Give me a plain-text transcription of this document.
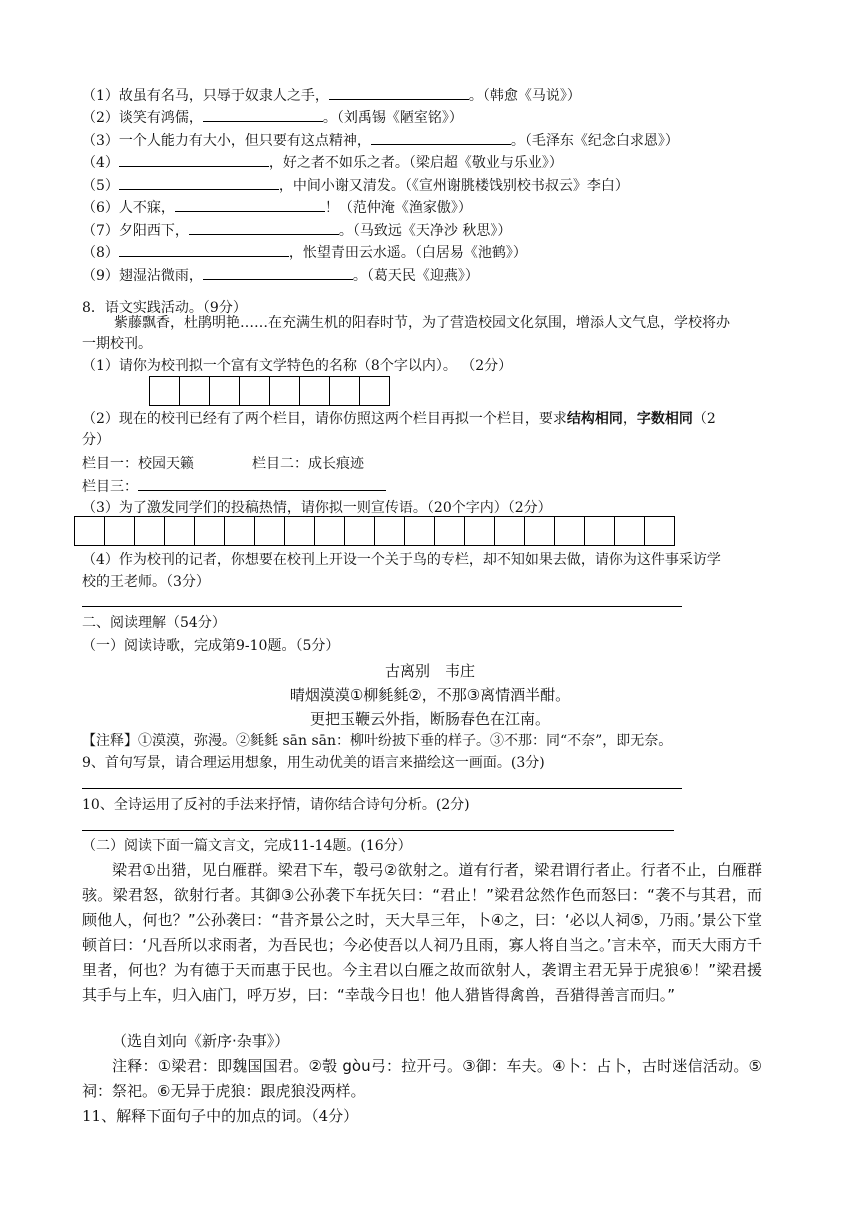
（1）故虽有名马，只辱于奴隶人之手，	。（韩愈《马说》）
（2）谈笑有鸿儒，	。（刘禹锡《陋室铭》）
（3）一个人能力有大小，但只要有这点精神，	。（毛泽东《纪念白求恩》）
（4）	，好之者不如乐之者。（梁启超《敬业与乐业》）
（5）	，中间小谢又清发。（《宣州谢朓楼饯别校书叔云》李白）
（6）人不寐，	！（范仲淹《渔家傲》）
（7）夕阳西下，	。（马致远《天净沙 秋思》）
（8）	，怅望青田云水遥。（白居易《池鹤》）
（9）翅湿沾微雨，	。（葛天民《迎燕》）
8．语文实践活动。（9分）
紫藤飘香，杜鹃明艳……在充满生机的阳春时节，为了营造校园文化氛围，增添人文气息，学校将办
一期校刊。
（1）请你为校刊拟一个富有文学特色的名称（8个字以内）。 （2分）
（2）现在的校刊已经有了两个栏目，请你仿照这两个栏目再拟一个栏目，要求结构相同，字数相同（2
分）
栏目一：校园天籁	栏目二：成长痕迹
栏目三：
（3）为了激发同学们的投稿热情，请你拟一则宣传语。（20个字内）（2分）
（4）作为校刊的记者，你想要在校刊上开设一个关于鸟的专栏，却不知如果去做，请你为这件事采访学
校的王老师。（3分）
二、阅读理解（54分）
（一）阅读诗歌，完成第9-10题。（5分）
古离别　韦庄
晴烟漠漠①柳毵毵②，不那③离情酒半酣。
更把玉鞭云外指，断肠春色在江南。
【注释】①漠漠，弥漫。②毵毵 sān sān：柳叶纷披下垂的样子。③不那：同“不奈”，即无奈。
9、首句写景，请合理运用想象，用生动优美的语言来描绘这一画面。(3分)
10、全诗运用了反衬的手法来抒情，请你结合诗句分析。(2分)
（二）阅读下面一篇文言文，完成11-14题。(16分）
梁君①出猎，见白雁群。梁君下车，彀弓②欲射之。道有行者，梁君谓行者止。行者不止，白雁群骇。梁君怒，欲射行者。其御③公孙袭下车抚矢曰：“君止！”梁君忿然作色而怒曰：“袭不与其君，而顾他人，何也？”公孙袭曰：“昔齐景公之时，天大旱三年，卜④之，曰：‘必以人祠⑤，乃雨。’景公下堂顿首曰：‘凡吾所以求雨者，为吾民也；今必使吾以人祠乃且雨，寡人将自当之。’言未卒，而天大雨方千里者，何也？为有德于天而惠于民也。今主君以白雁之故而欲射人，袭谓主君无异于虎狼⑥！”梁君援其手与上车，归入庙门，呼万岁，曰：“幸哉今日也！他人猎皆得禽兽，吾猎得善言而归。”
（选自刘向《新序·杂事》）
注释：①梁君：即魏国国君。②彀 gòu弓：拉开弓。③御：车夫。④卜：占卜，古时迷信活动。⑤祠：祭祀。⑥无异于虎狼：跟虎狼没两样。
11、解释下面句子中的加点的词。（4分）
